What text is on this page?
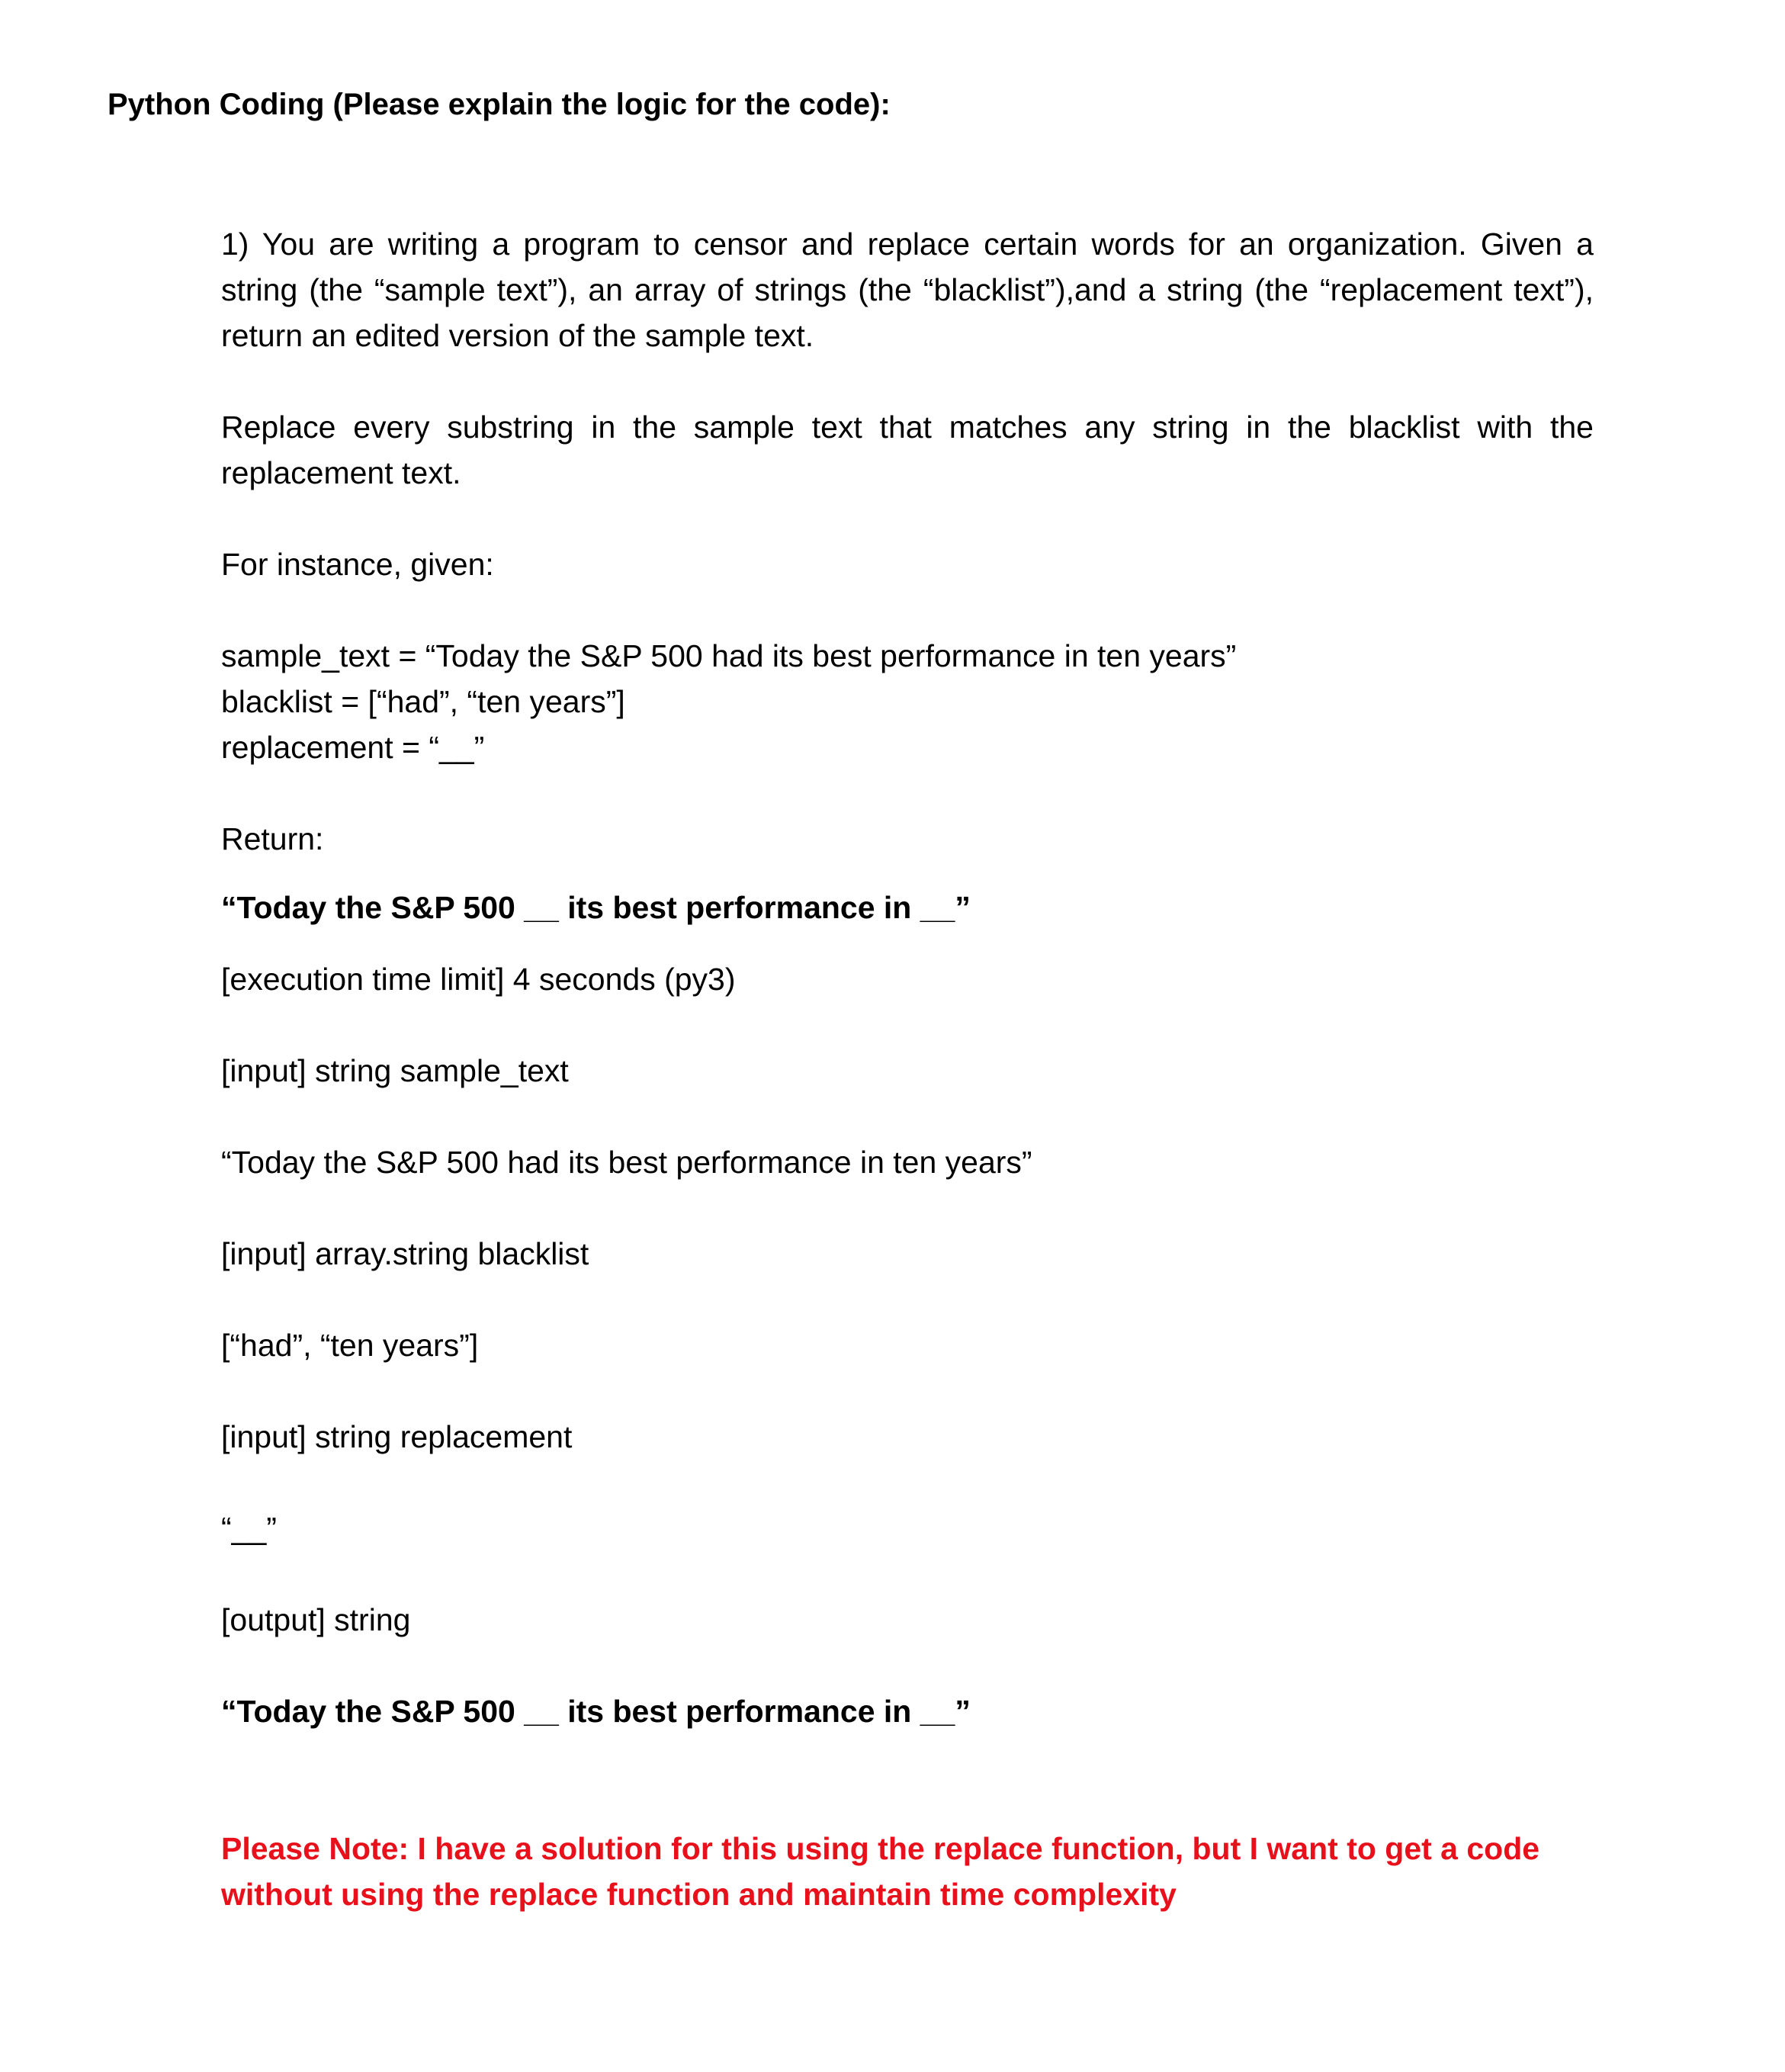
Python Coding (Please explain the logic for the code):

1) You are writing a program to censor and replace certain words for an organization. Given a string (the “sample text”), an array of strings (the “blacklist”),and a string (the “replacement text”), return an edited version of the sample text.

Replace every substring in the sample text that matches any string in the blacklist with the replacement text.

For instance, given:

sample_text = “Today the S&P 500 had its best performance in ten years”

blacklist = [“had”, “ten years”]

replacement = “__”

Return:

“Today the S&P 500 __ its best performance in __”

[execution time limit] 4 seconds (py3)

[input] string sample_text

“Today the S&P 500 had its best performance in ten years”

[input] array.string blacklist

[“had”, “ten years”]

[input] string replacement

“__”

[output] string

“Today the S&P 500 __ its best performance in __”

Please Note: I have a solution for this using the replace function, but I want to get a code

without using the replace function and maintain time complexity
